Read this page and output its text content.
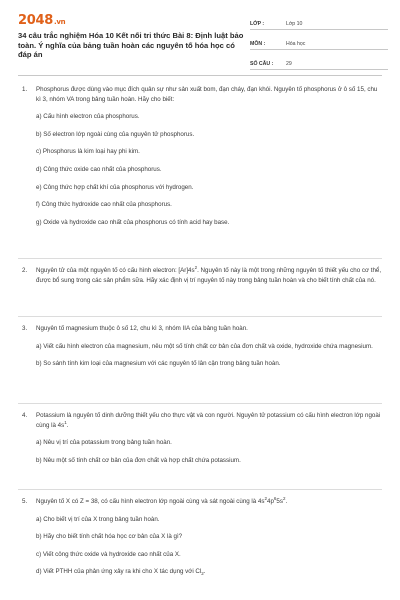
2048.vn
34 câu trắc nghiệm Hóa 10 Kết nối tri thức Bài 8: Định luật bảo toàn. Ý nghĩa của bảng tuần hoàn các nguyên tố hóa học có đáp án
LỚP :	Lớp 10
MÔN :	Hóa học
SỐ CÂU :	29
1.	Phosphorus được dùng vào mục đích quân sự như sản xuất bom, đạn cháy, đạn khói. Nguyên tố phosphorus ở ô số 15, chu kì 3, nhóm VA trong bảng tuần hoàn. Hãy cho biết:
a) Cấu hình electron của phosphorus.
b) Số electron lớp ngoài cùng của nguyên tử phosphorus.
c) Phosphorus là kim loại hay phi kim.
d) Công thức oxide cao nhất của phosphorus.
e) Công thức hợp chất khí của phosphorus với hydrogen.
f) Công thức hydroxide cao nhất của phosphorus.
g) Oxide và hydroxide cao nhất của phosphorus có tính acid hay base.
2.	Nguyên tử của một nguyên tố có cấu hình electron: $[Ar]4s^2$. Nguyên tố này là một trong những nguyên tố thiết yếu cho cơ thể, được bổ sung trong các sản phẩm sữa. Hãy xác định vị trí nguyên tố này trong bảng tuần hoàn và cho biết tính chất của nó.
3.	Nguyên tố magnesium thuộc ô số 12, chu kì 3, nhóm IIA của bảng tuần hoàn.
a) Viết cấu hình electron của magnesium, nêu một số tính chất cơ bản của đơn chất và oxide, hydroxide chứa magnesium.
b) So sánh tính kim loại của magnesium với các nguyên tố lân cận trong bảng tuần hoàn.
4.	Potassium là nguyên tố dinh dưỡng thiết yếu cho thực vật và con người. Nguyên tử potassium có cấu hình electron lớp ngoài cùng là $4s^1$.
a) Nêu vị trí của potassium trong bảng tuần hoàn.
b) Nêu một số tính chất cơ bản của đơn chất và hợp chất chứa potassium.
5.	Nguyên tố X có Z = 38, có cấu hình electron lớp ngoài cùng và sát ngoài cùng là $4s^24p^65s^2$.
a) Cho biết vị trí của X trong bảng tuần hoàn.
b) Hãy cho biết tính chất hóa học cơ bản của X là gì?
c) Viết công thức oxide và hydroxide cao nhất của X.
d) Viết PTHH của phản ứng xảy ra khi cho X tác dụng với $Cl_2$.
